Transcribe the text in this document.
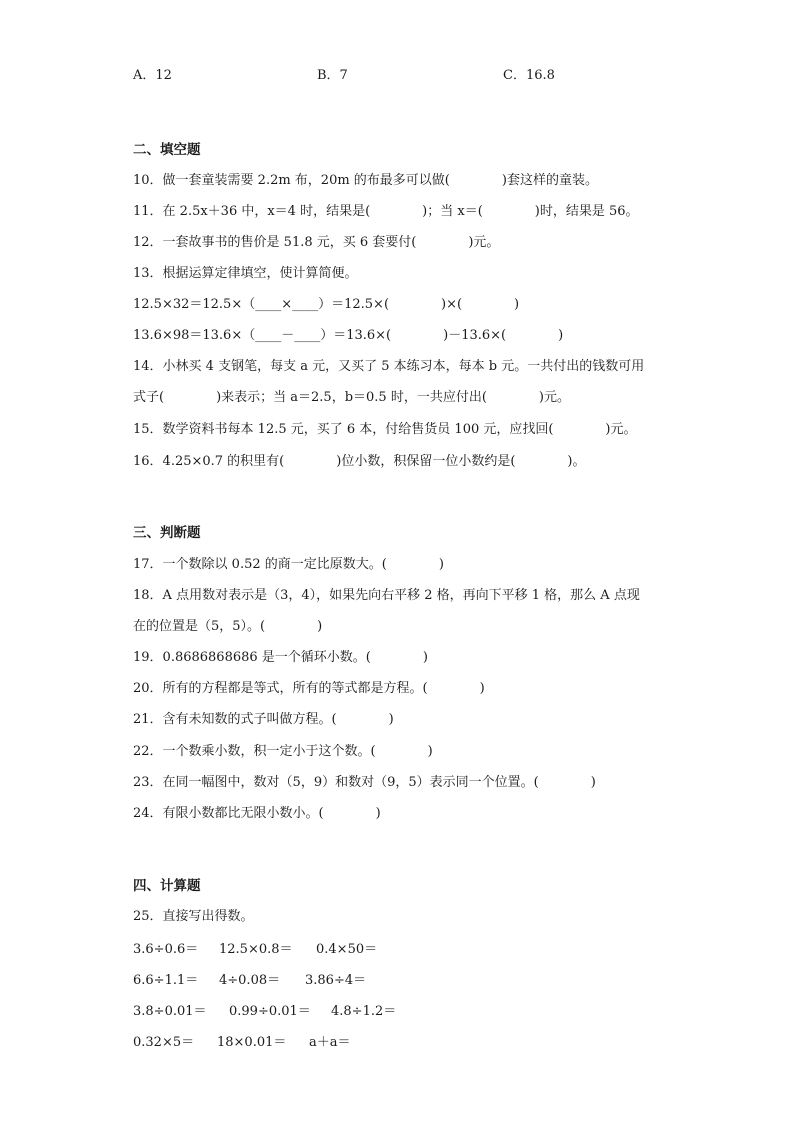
A．12	B．7	C．16.8
二、填空题
10．做一套童装需要 2.2m 布，20m 的布最多可以做(　　　　)套这样的童装。
11．在 2.5x＋36 中，x＝4 时，结果是(　　　　)；当 x＝(　　　　)时，结果是 56。
12．一套故事书的售价是 51.8 元，买 6 套要付(　　　　)元。
13．根据运算定律填空，使计算简便。
12.5×32＝12.5×（____×____）＝12.5×(　　　　)×(　　　　)
13.6×98＝13.6×（____－____）＝13.6×(　　　　)－13.6×(　　　　)
14．小林买 4 支钢笔，每支 a 元，又买了 5 本练习本，每本 b 元。一共付出的钱数可用
式子(　　　　)来表示；当 a＝2.5，b＝0.5 时，一共应付出(　　　　)元。
15．数学资料书每本 12.5 元，买了 6 本，付给售货员 100 元，应找回(　　　　)元。
16．4.25×0.7 的积里有(　　　　)位小数，积保留一位小数约是(　　　　)。
三、判断题
17．一个数除以 0.52 的商一定比原数大。(　　　　)
18．A 点用数对表示是（3，4），如果先向右平移 2 格，再向下平移 1 格，那么 A 点现
在的位置是（5，5）。(　　　　)
19．0.8686868686 是一个循环小数。(　　　　)
20．所有的方程都是等式，所有的等式都是方程。(　　　　)
21．含有未知数的式子叫做方程。(　　　　)
22．一个数乘小数，积一定小于这个数。(　　　　)
23．在同一幅图中，数对（5，9）和数对（9，5）表示同一个位置。(　　　　)
24．有限小数都比无限小数小。(　　　　)
四、计算题
25．直接写出得数。
3.6÷0.6＝ 12.5×0.8＝ 0.4×50＝
6.6÷1.1＝ 4÷0.08＝ 3.86÷4＝
3.8÷0.01＝ 0.99÷0.01＝ 4.8÷1.2＝
0.32×5＝ 18×0.01＝ a＋a＝
